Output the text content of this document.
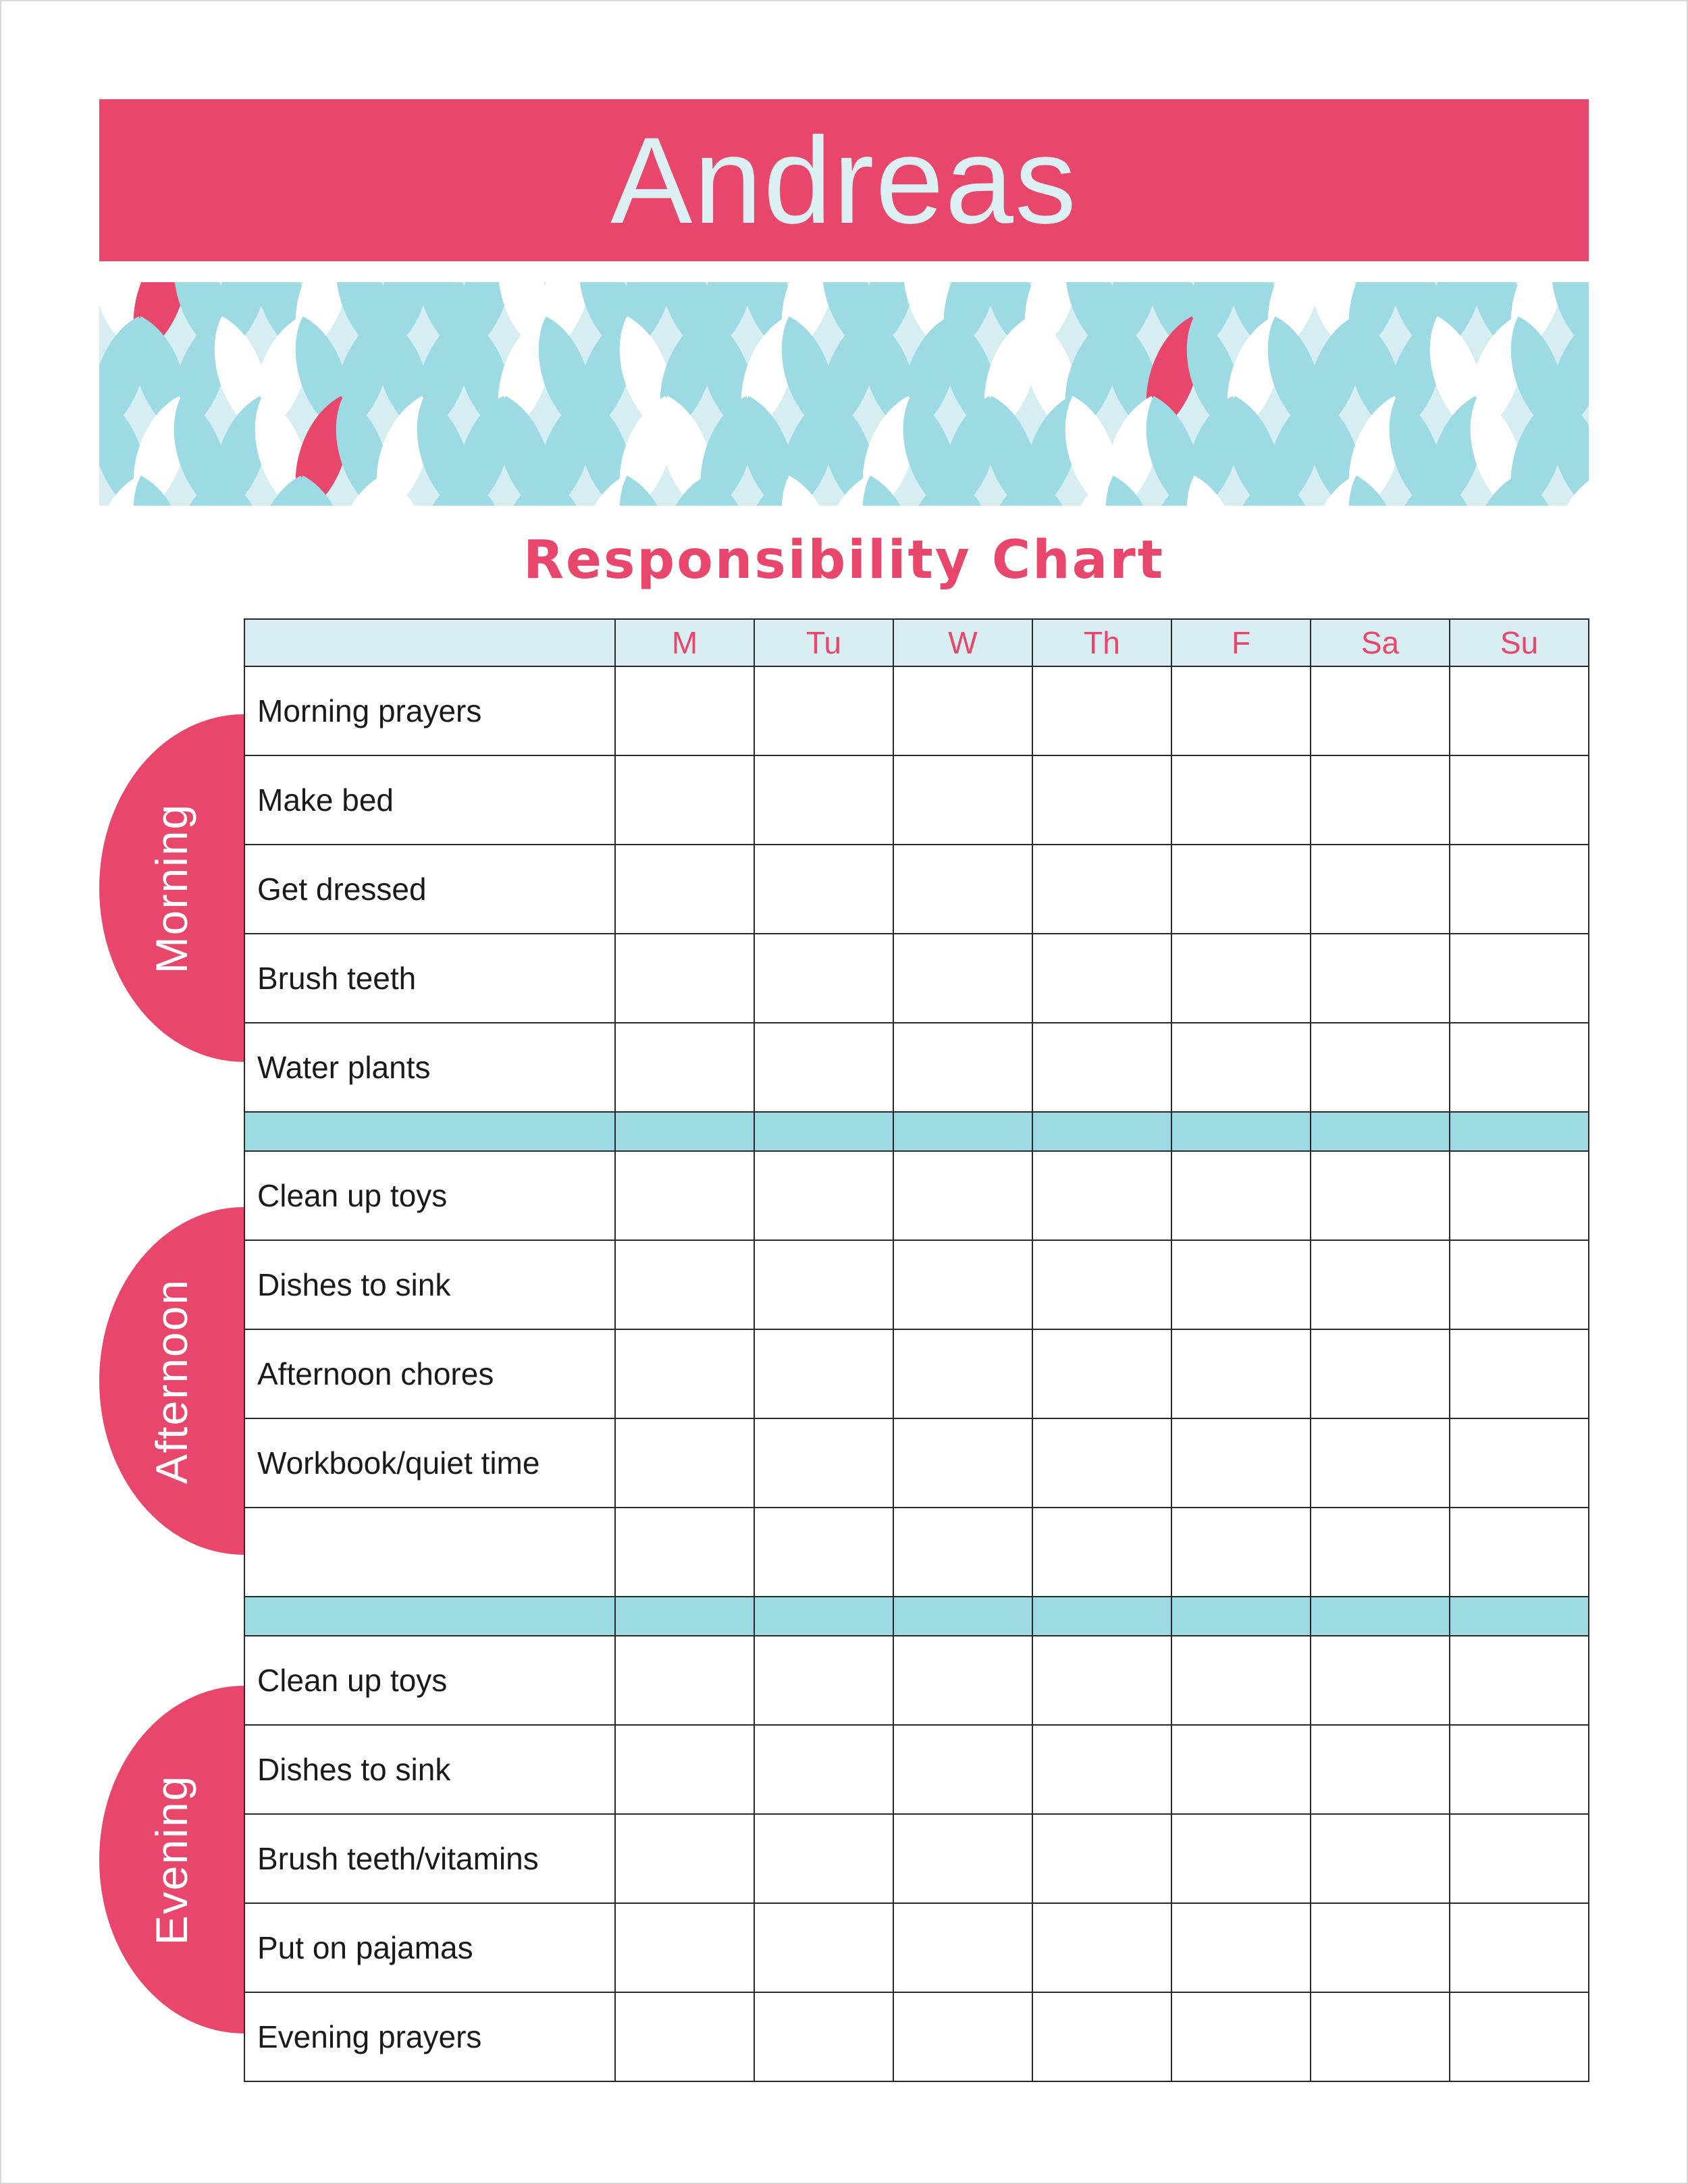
Andreas
Responsibility Chart
Morning
Afternoon
Evening
	M	Tu	W	Th	F	Sa	Su
Morning prayers							
Make bed							
Get dressed							
Brush teeth							
Water plants							

Clean up toys							
Dishes to sink							
Afternoon chores							
Workbook/quiet time							

Clean up toys							
Dishes to sink							
Brush teeth/vitamins							
Put on pajamas							
Evening prayers							
